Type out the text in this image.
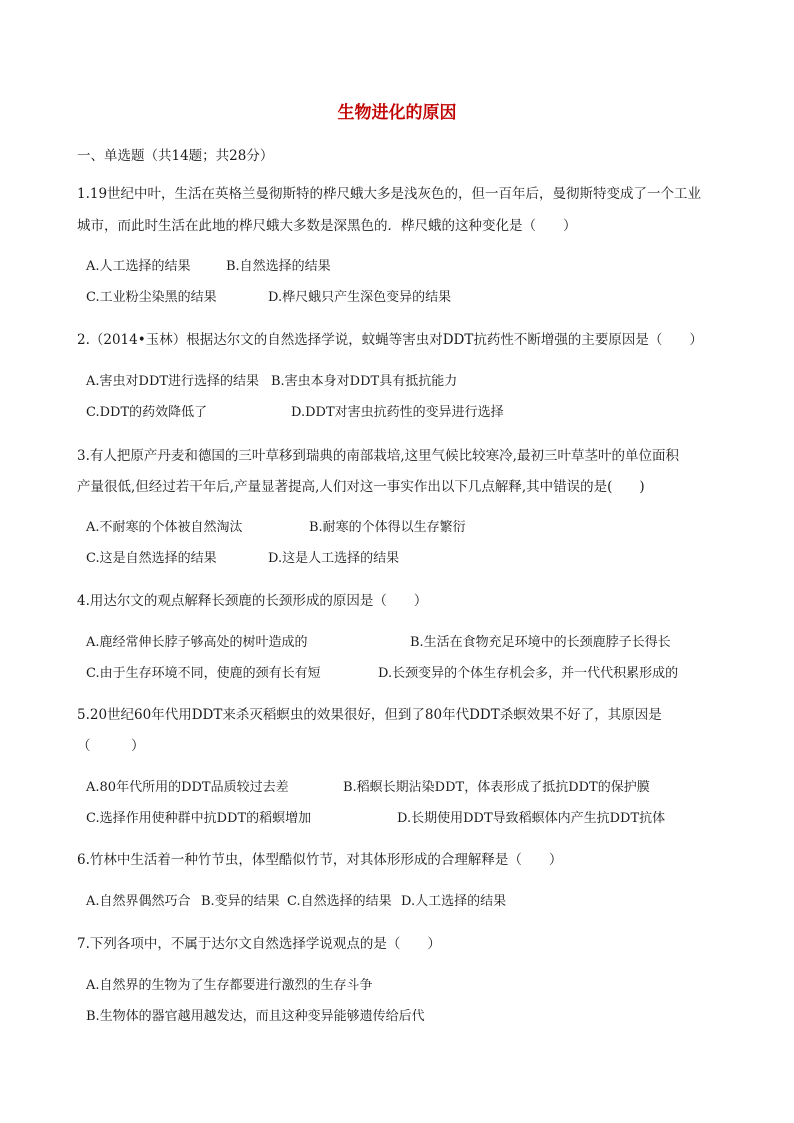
生物进化的原因
一、单选题（共14题；共28分）
1.19世纪中叶，生活在英格兰曼彻斯特的桦尺蛾大多是浅灰色的，但一百年后，曼彻斯特变成了一个工业
城市，而此时生活在此地的桦尺蛾大多数是深黑色的．桦尺蛾的这种变化是（　　）
A.人工选择的结果	B.自然选择的结果
C.工业粉尘染黑的结果	D.桦尺蛾只产生深色变异的结果
2.（2014•玉林）根据达尔文的自然选择学说，蚊蝇等害虫对DDT抗药性不断增强的主要原因是（　　）
A.害虫对DDT进行选择的结果 B.害虫本身对DDT具有抵抗能力
C.DDT的药效降低了	D.DDT对害虫抗药性的变异进行选择
3.有人把原产丹麦和德国的三叶草移到瑞典的南部栽培,这里气候比较寒冷,最初三叶草茎叶的单位面积
产量很低,但经过若干年后,产量显著提高,人们对这一事实作出以下几点解释,其中错误的是(　　)
A.不耐寒的个体被自然淘汰	B.耐寒的个体得以生存繁衍
C.这是自然选择的结果	D.这是人工选择的结果
4.用达尔文的观点解释长颈鹿的长颈形成的原因是（　　）
A.鹿经常伸长脖子够高处的树叶造成的	B.生活在食物充足环境中的长颈鹿脖子长得长
C.由于生存环境不同，使鹿的颈有长有短	D.长颈变异的个体生存机会多，并一代代积累形成的
5.20世纪60年代用DDT来杀灭稻螟虫的效果很好，但到了80年代DDT杀螟效果不好了，其原因是
（　　　）
A.80年代所用的DDT品质较过去差	B.稻螟长期沾染DDT，体表形成了抵抗DDT的保护膜
C.选择作用使种群中抗DDT的稻螟增加	D.长期使用DDT导致稻螟体内产生抗DDT抗体
6.竹林中生活着一种竹节虫，体型酷似竹节，对其体形形成的合理解释是（　　）
A.自然界偶然巧合 B.变异的结果 C.自然选择的结果 D.人工选择的结果
7.下列各项中，不属于达尔文自然选择学说观点的是（　　）
A.自然界的生物为了生存都要进行激烈的生存斗争
B.生物体的器官越用越发达，而且这种变异能够遗传给后代
